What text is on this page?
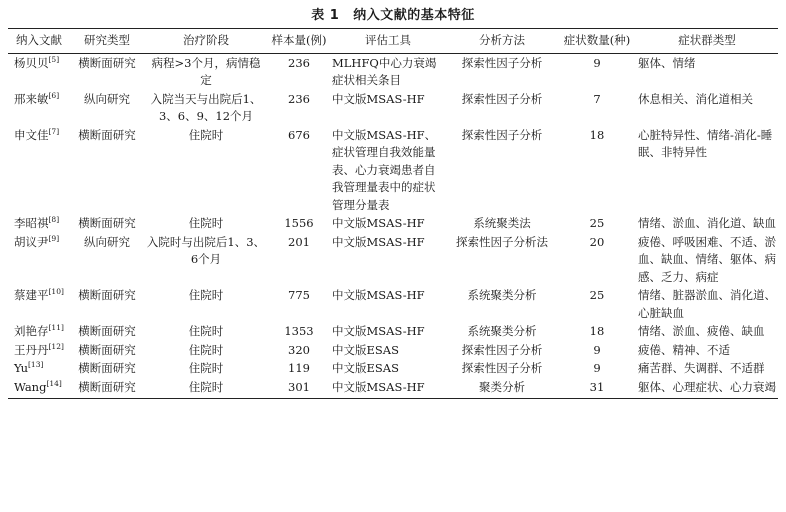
表 1 纳入文献的基本特征
纳入文献	研究类型	治疗阶段	样本量(例)	评估工具	分析方法	症状数量(种)	症状群类型
杨贝贝[5]	横断面研究	病程>3个月，病情稳定	236	MLHFQ中心力衰竭症状相关条目	探索性因子分析	9	躯体、情绪
邢来敏[6]	纵向研究	入院当天与出院后1、3、6、9、12个月	236	中文版MSAS-HF	探索性因子分析	7	休息相关、消化道相关
申文佳[7]	横断面研究	住院时	676	中文版MSAS-HF、症状管理自我效能量表、心力衰竭患者自我管理量表中的症状管理分量表	探索性因子分析	18	心脏特异性、情绪-消化-睡眠、非特异性
李昭祺[8]	横断面研究	住院时	1556	中文版MSAS-HF	系统聚类法	25	情绪、淤血、消化道、缺血
胡议尹[9]	纵向研究	入院时与出院后1、3、6个月	201	中文版MSAS-HF	探索性因子分析法	20	疲倦、呼吸困难、不适、淤血、缺血、情绪、躯体、病感、乏力、病症
蔡建平[10]	横断面研究	住院时	775	中文版MSAS-HF	系统聚类分析	25	情绪、脏器淤血、消化道、心脏缺血
刘艳存[11]	横断面研究	住院时	1353	中文版MSAS-HF	系统聚类分析	18	情绪、淤血、疲倦、缺血
王丹丹[12]	横断面研究	住院时	320	中文版ESAS	探索性因子分析	9	疲倦、精神、不适
Yu[13]	横断面研究	住院时	119	中文版ESAS	探索性因子分析	9	痛苦群、失调群、不适群
Wang[14]	横断面研究	住院时	301	中文版MSAS-HF	聚类分析	31	躯体、心理症状、心力衰竭
